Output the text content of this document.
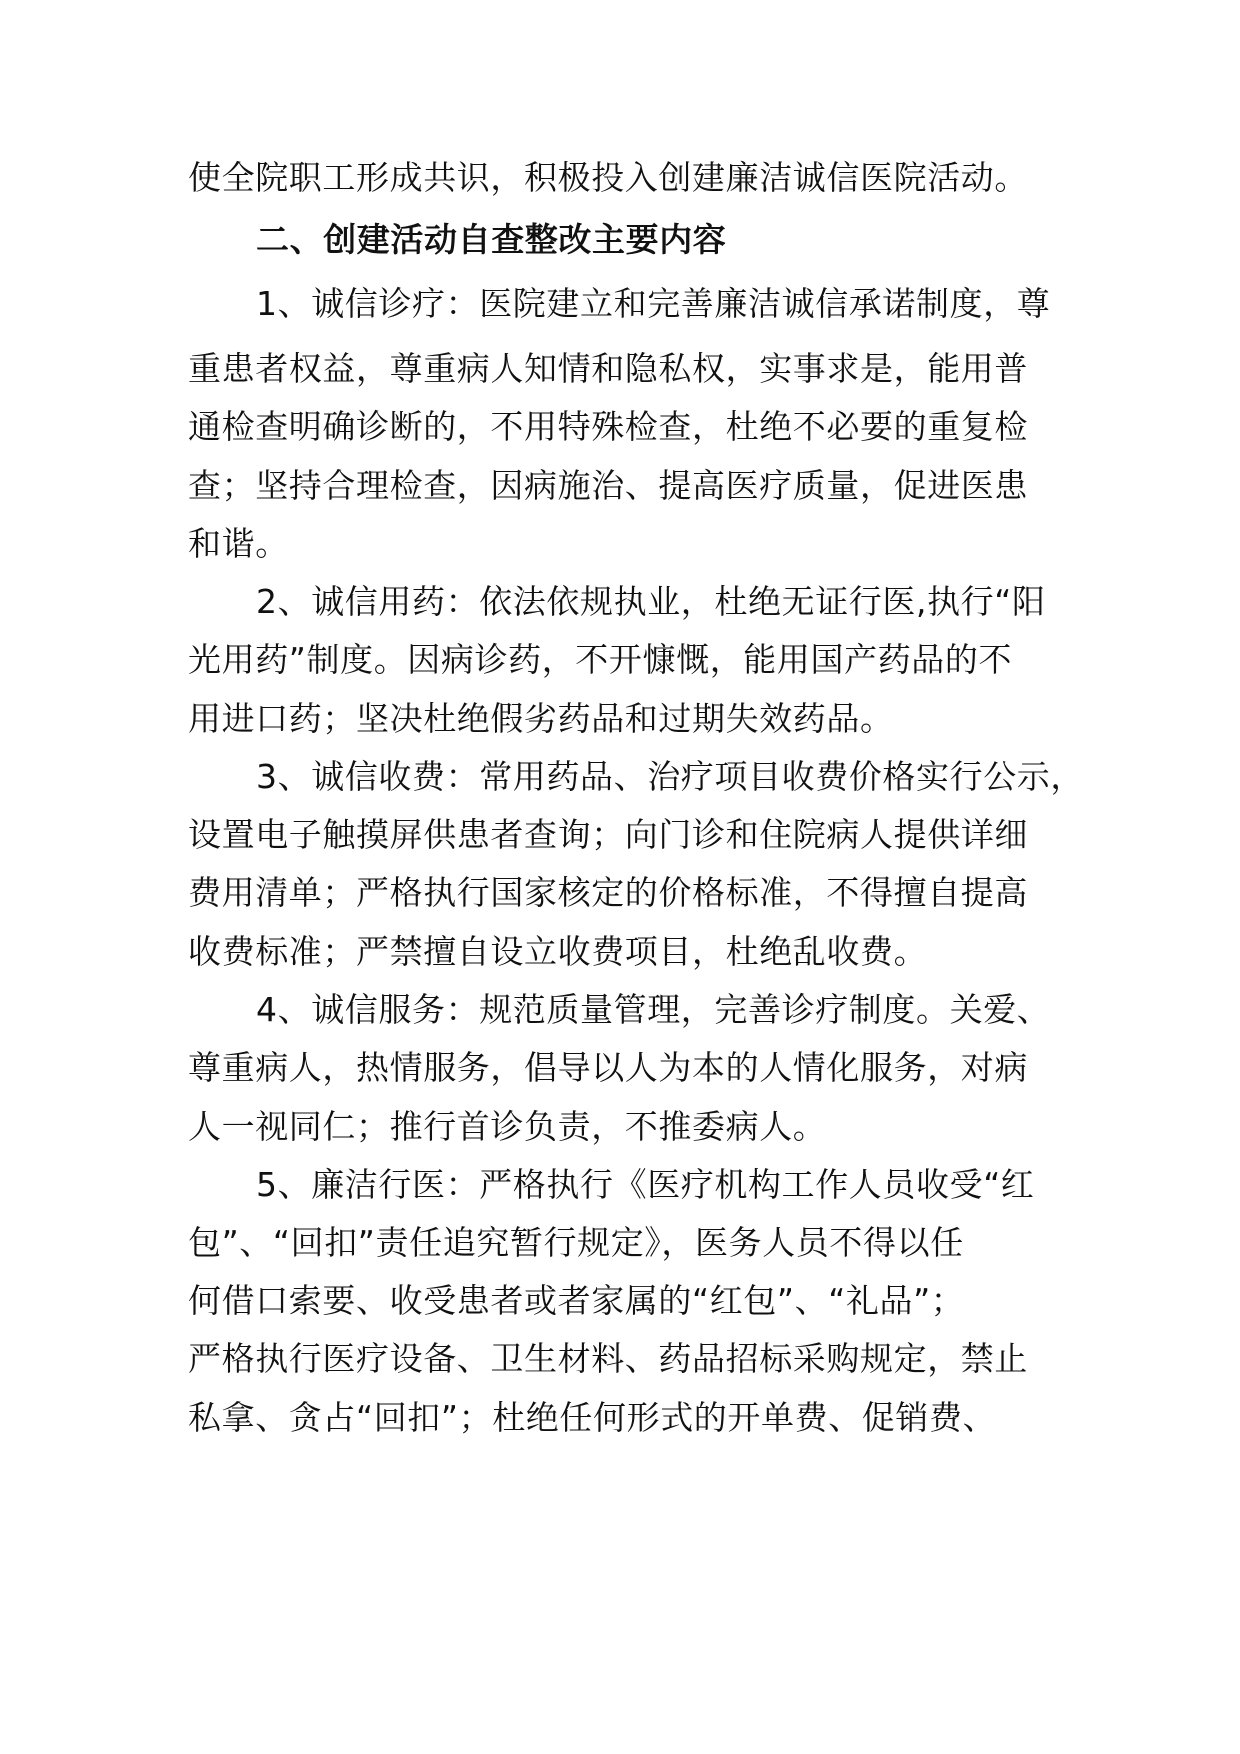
使全院职工形成共识，积极投入创建廉洁诚信医院活动。
二、创建活动自查整改主要内容
1、诚信诊疗：医院建立和完善廉洁诚信承诺制度，尊
重患者权益，尊重病人知情和隐私权，实事求是，能用普
通检查明确诊断的，不用特殊检查，杜绝不必要的重复检
查；坚持合理检查，因病施治、提高医疗质量，促进医患
和谐。
2、诚信用药：依法依规执业，杜绝无证行医,执行“阳
光用药”制度。因病诊药，不开慷慨，能用国产药品的不
用进口药；坚决杜绝假劣药品和过期失效药品。
3、诚信收费：常用药品、治疗项目收费价格实行公示，
设置电子触摸屏供患者查询；向门诊和住院病人提供详细
费用清单；严格执行国家核定的价格标准，不得擅自提高
收费标准；严禁擅自设立收费项目，杜绝乱收费。
4、诚信服务：规范质量管理，完善诊疗制度。关爱、
尊重病人，热情服务，倡导以人为本的人情化服务，对病
人一视同仁；推行首诊负责，不推委病人。
5、廉洁行医：严格执行《医疗机构工作人员收受“红
包”、“回扣”责任追究暂行规定》，医务人员不得以任
何借口索要、收受患者或者家属的“红包”、“礼品”；
严格执行医疗设备、卫生材料、药品招标采购规定，禁止
私拿、贪占“回扣”；杜绝任何形式的开单费、促销费、
